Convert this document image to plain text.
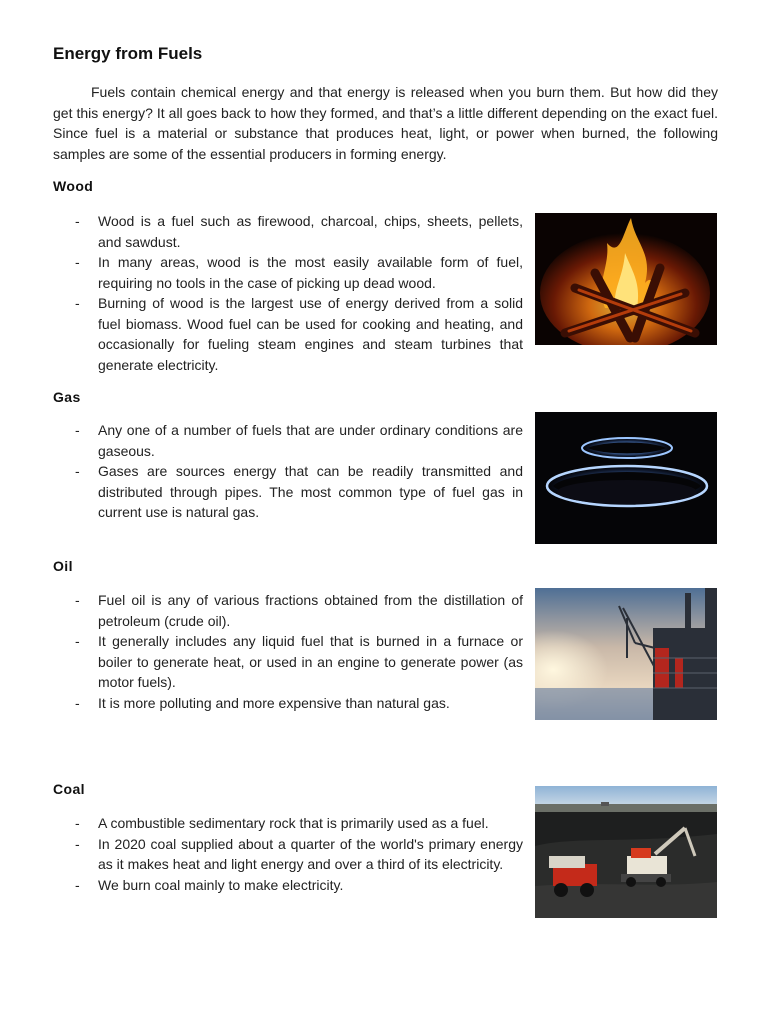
Energy from Fuels

Fuels contain chemical energy and that energy is released when you burn them. But how did they get this energy? It all goes back to how they formed, and that’s a little different depending on the exact fuel. Since fuel is a material or substance that produces heat, light, or power when burned, the following samples are some of the essential producers in forming energy.

Wood
- Wood is a fuel such as firewood, charcoal, chips, sheets, pellets, and sawdust.
- In many areas, wood is the most easily available form of fuel, requiring no tools in the case of picking up dead wood.
- Burning of wood is the largest use of energy derived from a solid fuel biomass. Wood fuel can be used for cooking and heating, and occasionally for fueling steam engines and steam turbines that generate electricity.
Gas
- Any one of a number of fuels that are under ordinary conditions are gaseous.
- Gases are sources energy that can be readily transmitted and distributed through pipes. The most common type of fuel gas in current use is natural gas.
Oil
- Fuel oil is any of various fractions obtained from the distillation of petroleum (crude oil).
- It generally includes any liquid fuel that is burned in a furnace or boiler to generate heat, or used in an engine to generate power (as motor fuels).
- It is more polluting and more expensive than natural gas.
Coal
- A combustible sedimentary rock that is primarily used as a fuel.
- In 2020 coal supplied about a quarter of the world's primary energy as it makes heat and light energy and over a third of its electricity.
- We burn coal mainly to make electricity.
